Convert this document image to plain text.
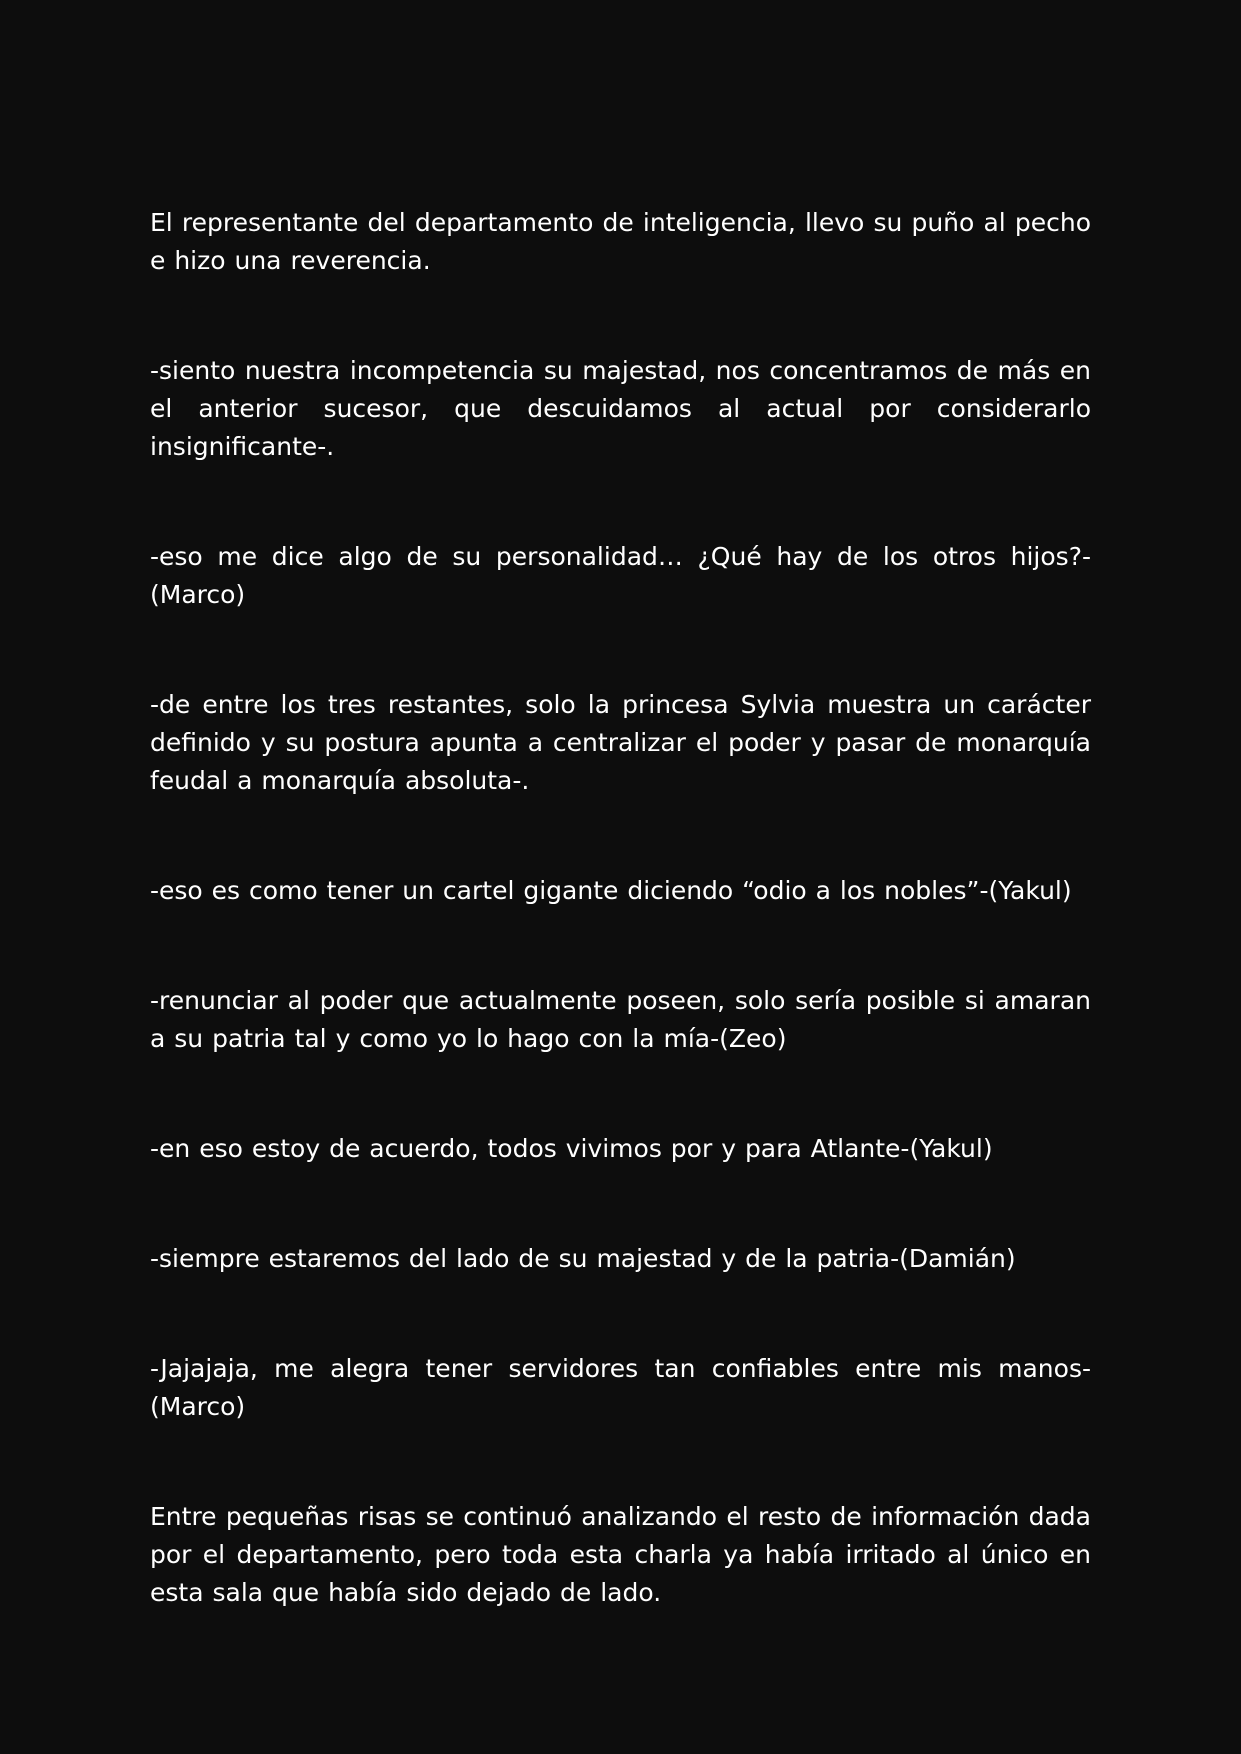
El representante del departamento de inteligencia, llevo su puño al pecho e hizo una reverencia.

-siento nuestra incompetencia su majestad, nos concentramos de más en el anterior sucesor, que descuidamos al actual por considerarlo insignificante-.

-eso me dice algo de su personalidad… ¿Qué hay de los otros hijos?-(Marco)

-de entre los tres restantes, solo la princesa Sylvia muestra un carácter definido y su postura apunta a centralizar el poder y pasar de monarquía feudal a monarquía absoluta-.

-eso es como tener un cartel gigante diciendo “odio a los nobles”-(Yakul)

-renunciar al poder que actualmente poseen, solo sería posible si amaran a su patria tal y como yo lo hago con la mía-(Zeo)

-en eso estoy de acuerdo, todos vivimos por y para Atlante-(Yakul)

-siempre estaremos del lado de su majestad y de la patria-(Damián)

-Jajajaja, me alegra tener servidores tan confiables entre mis manos-(Marco)

Entre pequeñas risas se continuó analizando el resto de información dada por el departamento, pero toda esta charla ya había irritado al único en esta sala que había sido dejado de lado.
